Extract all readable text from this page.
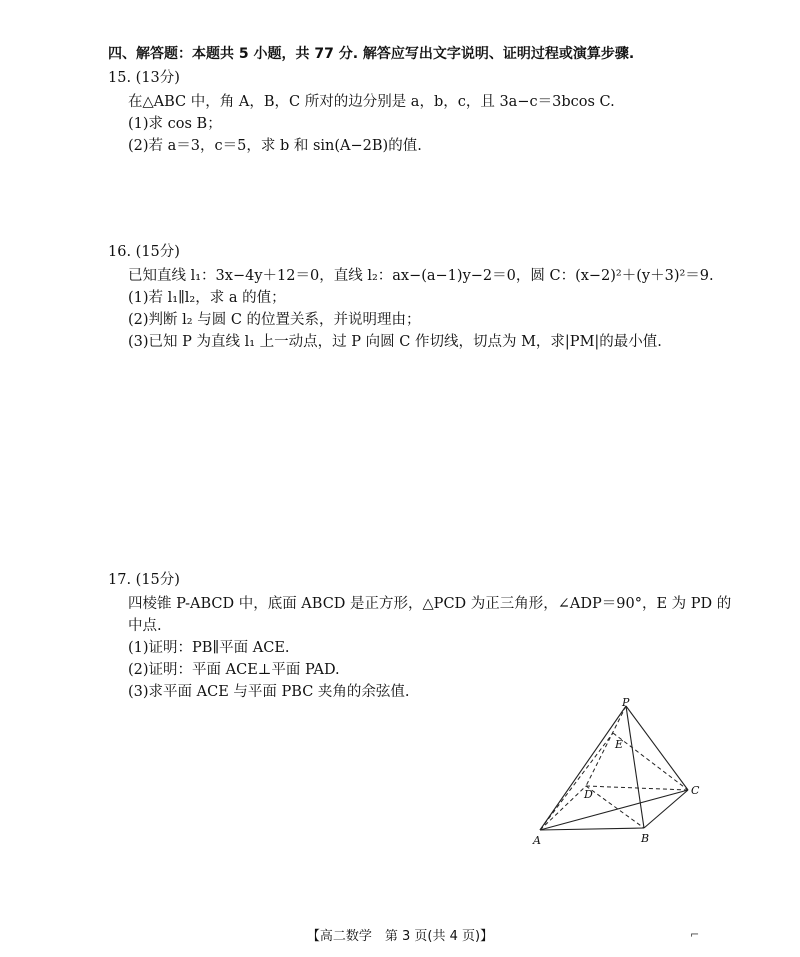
四、解答题：本题共 5 小题，共 77 分. 解答应写出文字说明、证明过程或演算步骤.
15. (13分)
在△ABC 中，角 A，B，C 所对的边分别是 a，b，c，且 3a−c＝3bcos C.
(1)求 cos B；
(2)若 a＝3，c＝5，求 b 和 sin(A−2B)的值.
16. (15分)
已知直线 l₁：3x−4y＋12＝0，直线 l₂：ax−(a−1)y−2＝0，圆 C：(x−2)²＋(y＋3)²＝9.
(1)若 l₁∥l₂，求 a 的值；
(2)判断 l₂ 与圆 C 的位置关系，并说明理由；
(3)已知 P 为直线 l₁ 上一动点，过 P 向圆 C 作切线，切点为 M，求|PM|的最小值.
17. (15分)
四棱锥 P-ABCD 中，底面 ABCD 是正方形，△PCD 为正三角形，∠ADP＝90°，E 为 PD 的
中点.
(1)证明：PB∥平面 ACE.
(2)证明：平面 ACE⊥平面 PAD.
(3)求平面 ACE 与平面 PBC 夹角的余弦值.
P
E
D	C
A	B
【高二数学　第 3 页(共 4 页)】	⌐
